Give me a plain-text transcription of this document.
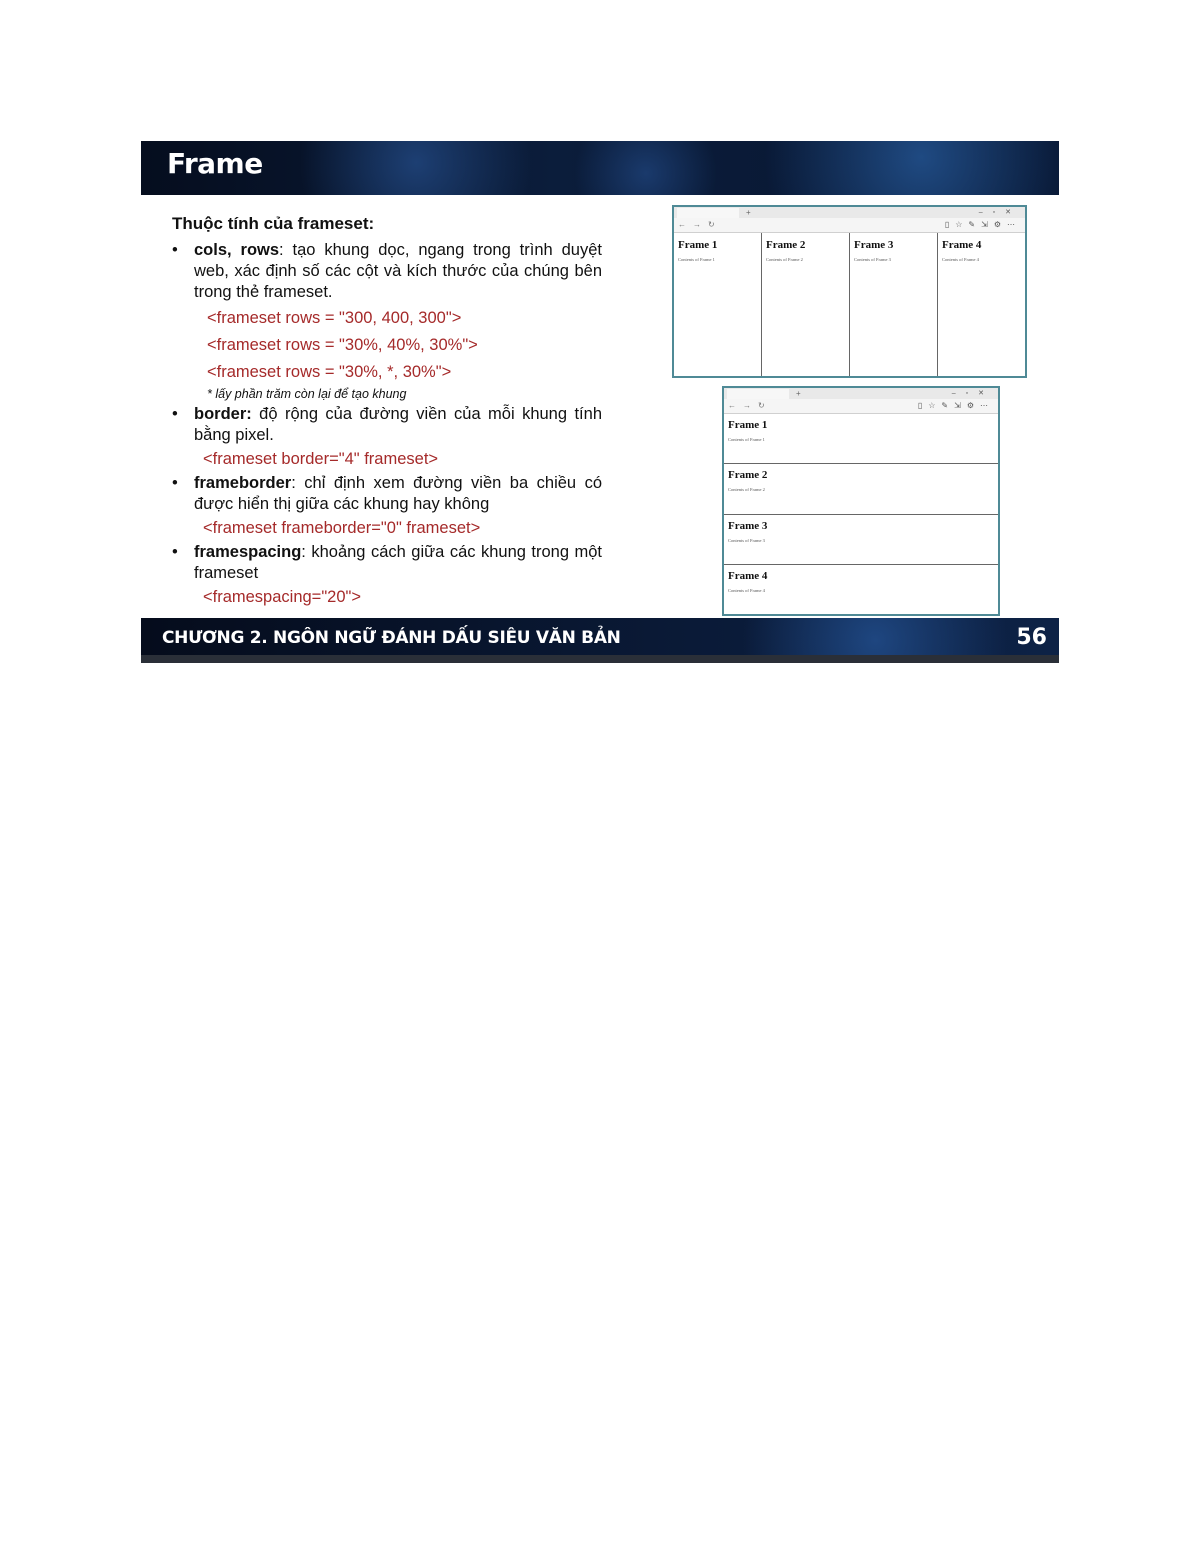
Frame

Thuộc tính của frameset:

• cols, rows: tạo khung dọc, ngang trong trình duyệt web, xác định số các cột và kích thước của chúng bên trong thẻ frameset.

<frameset rows = "300, 400, 300">

<frameset rows = "30%, 40%, 30%">

<frameset rows = "30%, *, 30%">

* lấy phần trăm còn lại để tạo khung

• border: độ rộng của đường viền của mỗi khung tính bằng pixel.

<frameset border="4" frameset>

• frameborder: chỉ định xem đường viền ba chiều có được hiển thị giữa các khung hay không

<frameset frameborder="0" frameset>

• framespacing: khoảng cách giữa các khung trong một frameset

<framespacing="20">

+	–▫✕
←→↻	▯☆✎⇲⚙⋯
Frame 1
Contents of Frame 1
Frame 2
Contents of Frame 2
Frame 3
Contents of Frame 3
Frame 4
Contents of Frame 4
+	–▫✕
←→↻	▯☆✎⇲⚙⋯
Frame 1
Contents of Frame 1
Frame 2
Contents of Frame 2
Frame 3
Contents of Frame 3
Frame 4
Contents of Frame 4
CHƯƠNG 2. NGÔN NGỮ ĐÁNH DẤU SIÊU VĂN BẢN	56
